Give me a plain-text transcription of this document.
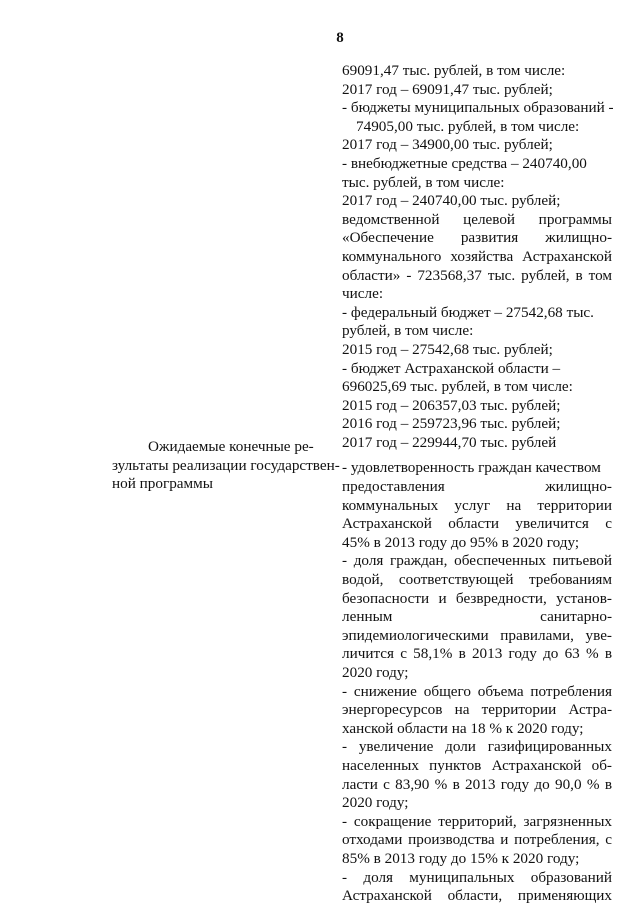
8
69091,47 тыс. рублей, в том числе:
2017 год – 69091,47 тыс. рублей;
- бюджеты муниципальных образований -
74905,00 тыс. рублей, в том числе:
2017 год – 34900,00 тыс. рублей;
- внебюджетные средства – 240740,00
тыс. рублей, в том числе:
2017 год – 240740,00 тыс. рублей;
ведомственной целевой программы
«Обеспечение развития жилищно-
коммунального хозяйства Астраханской
области» - 723568,37 тыс. рублей, в том
числе:
- федеральный бюджет – 27542,68 тыс.
рублей, в том числе:
2015 год – 27542,68 тыс. рублей;
- бюджет Астраханской области –
696025,69 тыс. рублей, в том числе:
2015 год – 206357,03 тыс. рублей;
2016 год – 259723,96 тыс. рублей;
2017 год – 229944,70 тыс. рублей
- удовлетворенность граждан качеством
предоставления жилищно-
коммунальных услуг на территории
Астраханской области увеличится с
45% в 2013 году до 95% в 2020 году;
- доля граждан, обеспеченных питьевой
водой, соответствующей требованиям
безопасности и безвредности, установ-
ленным санитарно-
эпидемиологическими правилами, уве-
личится с 58,1% в 2013 году до 63 % в
2020 году;
- снижение общего объема потребления
энергоресурсов на территории Астра-
ханской области на 18 % к 2020 году;
- увеличение доли газифицированных
населенных пунктов Астраханской об-
ласти с 83,90 % в 2013 году до 90,0 % в
2020 году;
- сокращение территорий, загрязненных
отходами производства и потребления, с
85% в 2013 году до 15% к 2020 году;
- доля муниципальных образований
Астраханской области, применяющих
Ожидаемые конечные ре-
зультаты реализации государствен-
ной программы
